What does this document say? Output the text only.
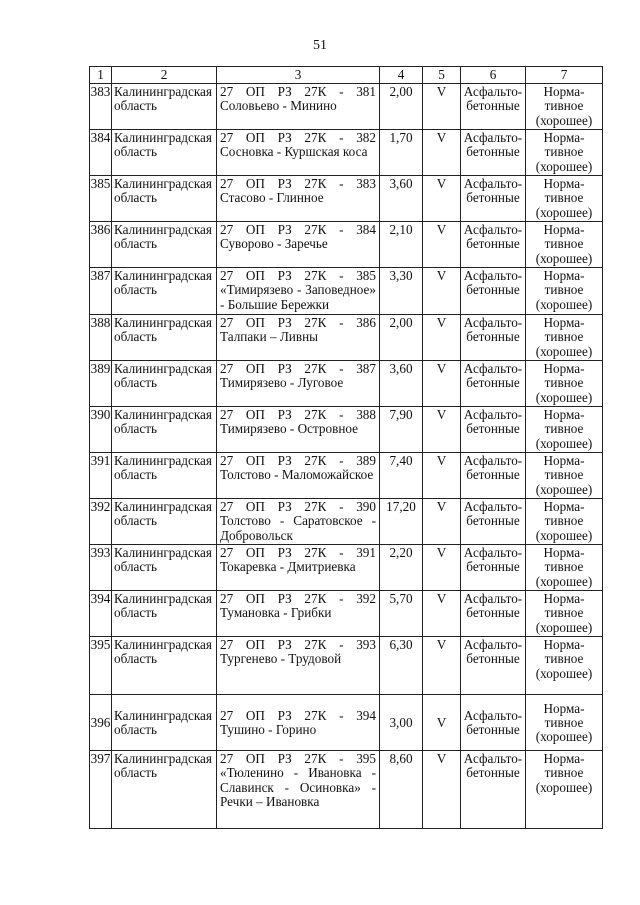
51
1	2	3	4	5	6	7
383	Калининградская область	27 ОП РЗ 27К - 381 Соловьево - Минино	2,00	V	Асфальто-бетонные	Норма-тивное (хорошее)
384	Калининградская область	27 ОП РЗ 27К - 382 Сосновка - Куршская коса	1,70	V	Асфальто-бетонные	Норма-тивное (хорошее)
385	Калининградская область	27 ОП РЗ 27К - 383 Стасово - Глинное	3,60	V	Асфальто-бетонные	Норма-тивное (хорошее)
386	Калининградская область	27 ОП РЗ 27К - 384 Суворово - Заречье	2,10	V	Асфальто-бетонные	Норма-тивное (хорошее)
387	Калининградская область	27 ОП РЗ 27К - 385 «Тимирязево - Заповедное» - Большие Бережки	3,30	V	Асфальто-бетонные	Норма-тивное (хорошее)
388	Калининградская область	27 ОП РЗ 27К - 386 Талпаки – Ливны	2,00	V	Асфальто-бетонные	Норма-тивное (хорошее)
389	Калининградская область	27 ОП РЗ 27К - 387 Тимирязево - Луговое	3,60	V	Асфальто-бетонные	Норма-тивное (хорошее)
390	Калининградская область	27 ОП РЗ 27К - 388 Тимирязево - Островное	7,90	V	Асфальто-бетонные	Норма-тивное (хорошее)
391	Калининградская область	27 ОП РЗ 27К - 389 Толстово - Маломожайское	7,40	V	Асфальто-бетонные	Норма-тивное (хорошее)
392	Калининградская область	27 ОП РЗ 27К - 390 Толстово - Саратовское - Добровольск	17,20	V	Асфальто-бетонные	Норма-тивное (хорошее)
393	Калининградская область	27 ОП РЗ 27К - 391 Токаревка - Дмитриевка	2,20	V	Асфальто-бетонные	Норма-тивное (хорошее)
394	Калининградская область	27 ОП РЗ 27К - 392 Тумановка - Грибки	5,70	V	Асфальто-бетонные	Норма-тивное (хорошее)
395	Калининградская область	27 ОП РЗ 27К - 393 Тургенево - Трудовой	6,30	V	Асфальто-бетонные	Норма-тивное (хорошее)
396	Калининградская область	27 ОП РЗ 27К - 394 Тушино - Горино	3,00	V	Асфальто-бетонные	Норма-тивное (хорошее)
397	Калининградская область	27 ОП РЗ 27К - 395 «Тюленино - Ивановка - Славинск - Осиновка» - Речки – Ивановка	8,60	V	Асфальто-бетонные	Норма-тивное (хорошее)
